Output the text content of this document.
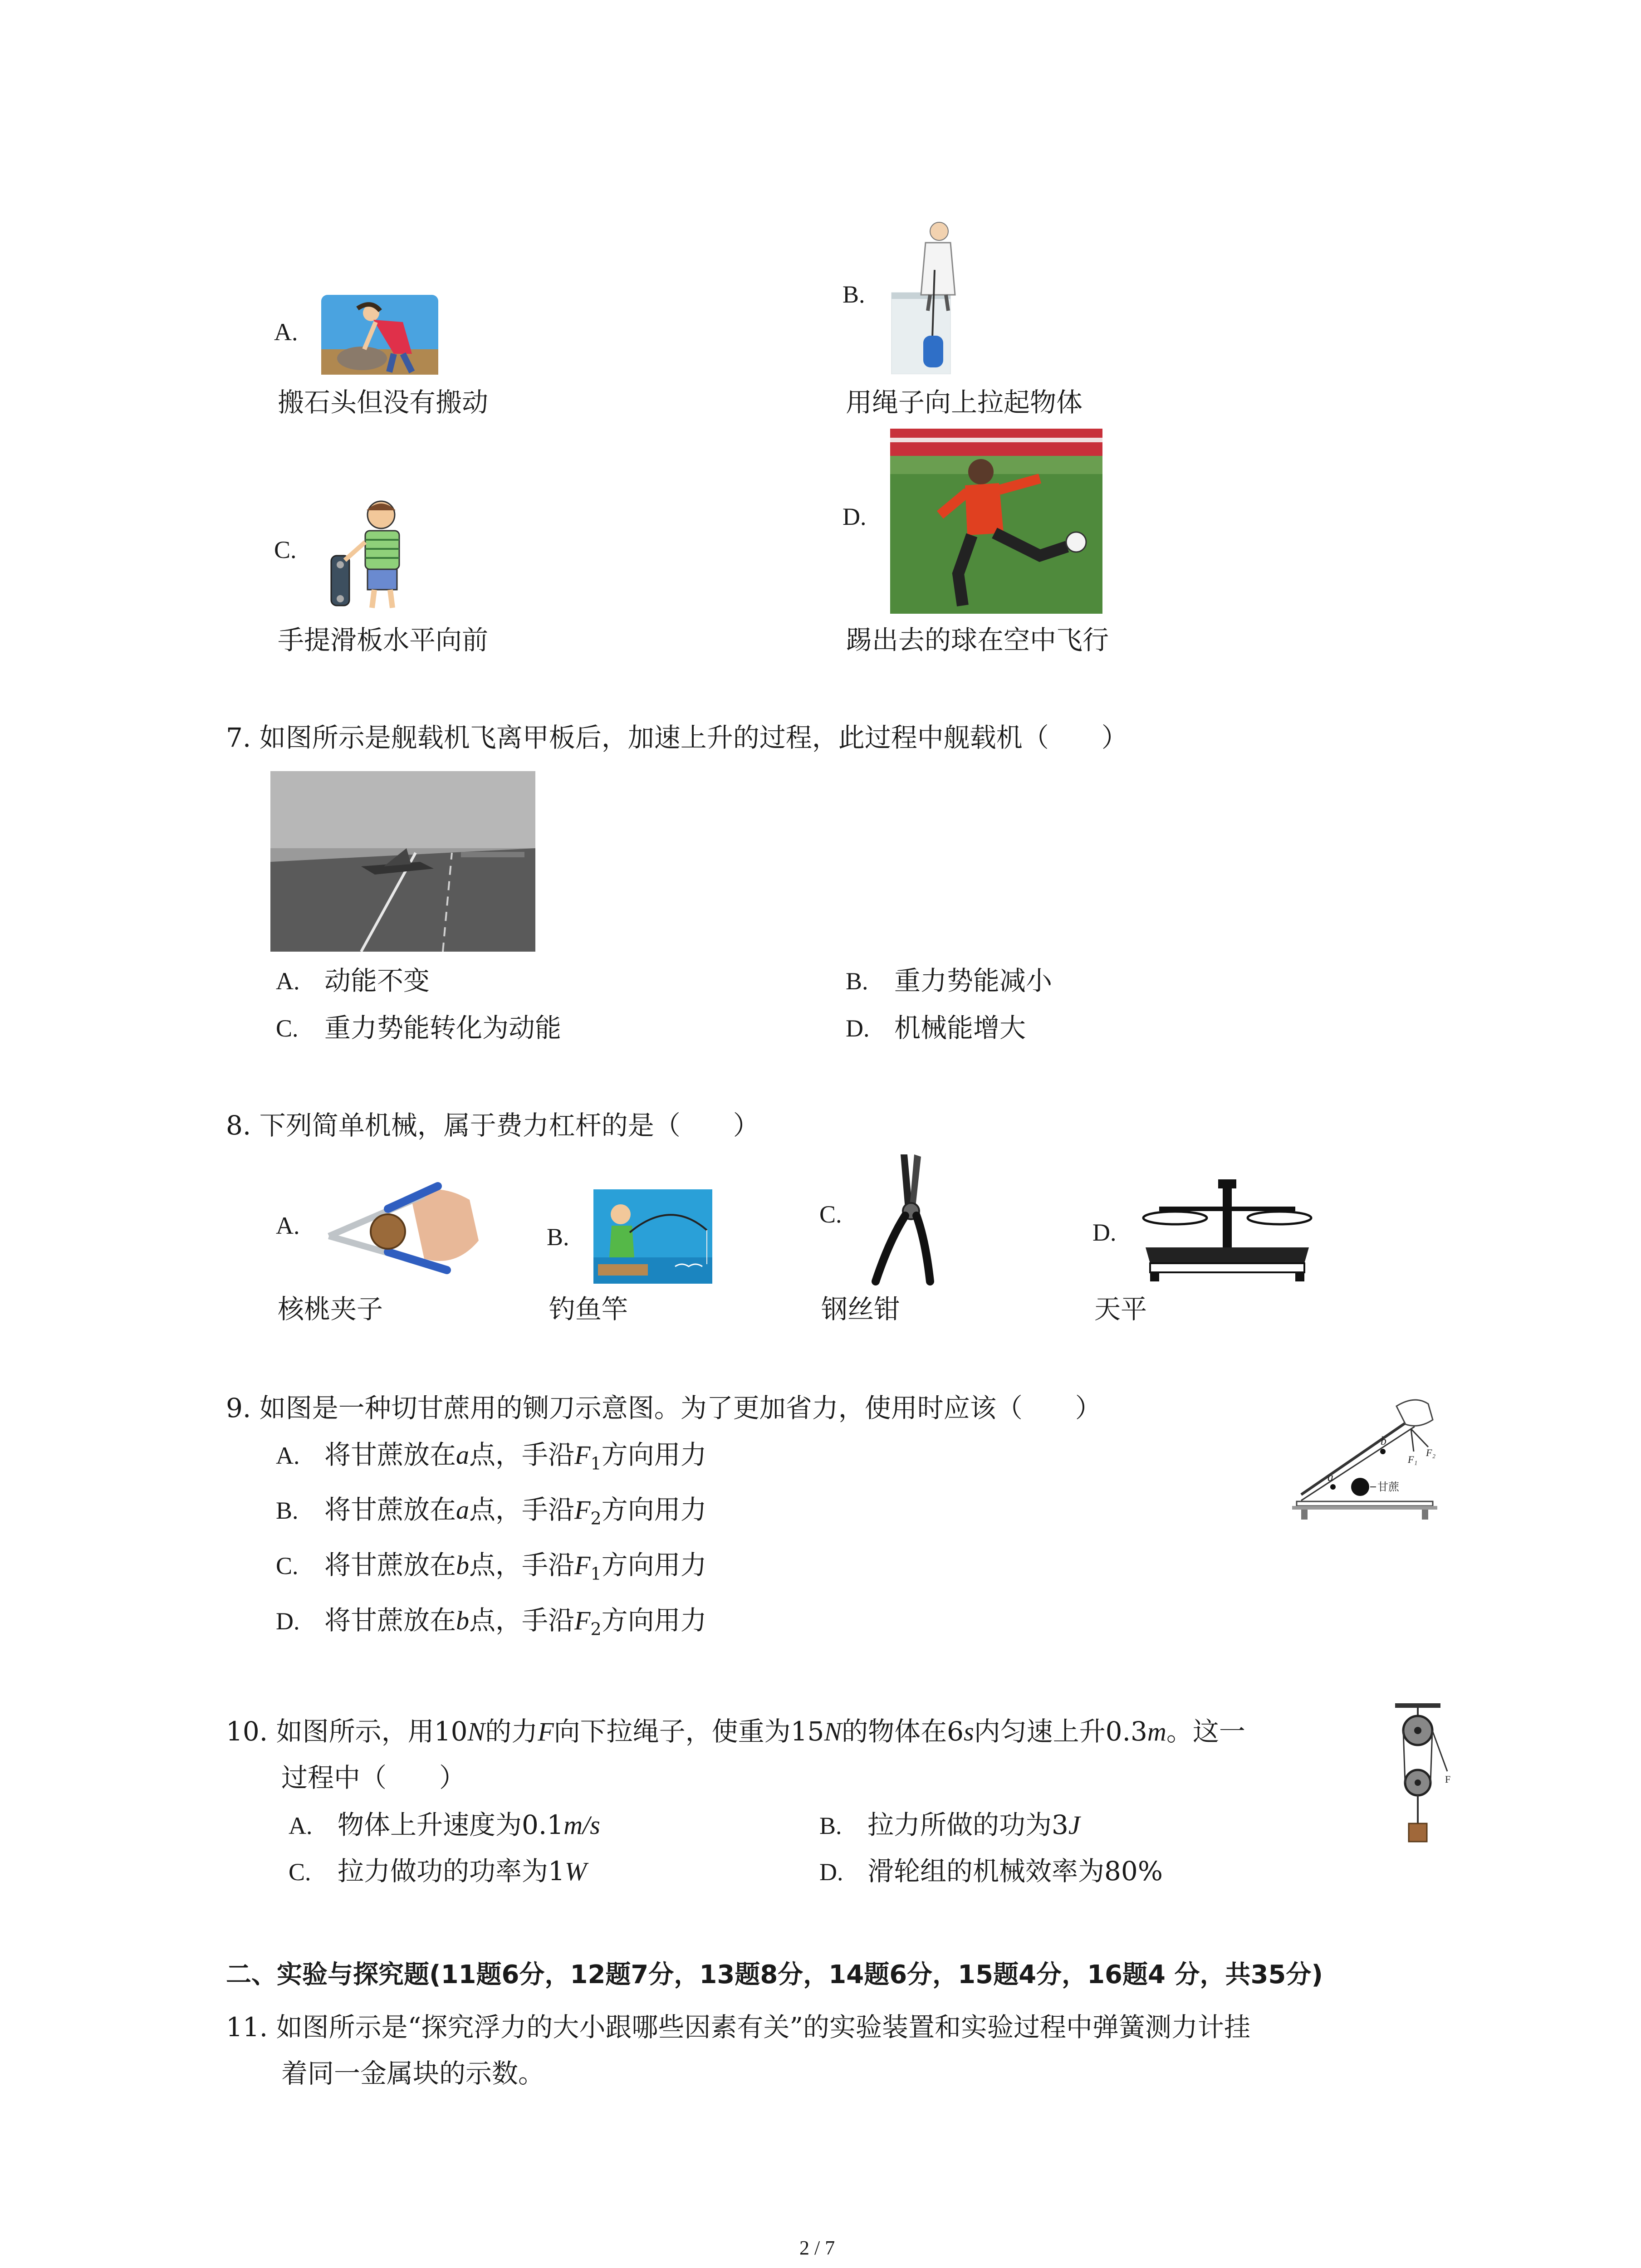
A.
搬石头但没有搬动
B.
用绳子向上拉起物体
C.
手提滑板水平向前
D.
踢出去的球在空中飞行
7. 如图所示是舰载机飞离甲板后，加速上升的过程，此过程中舰载机（　　）
A. 动能不变	B. 重力势能减小
C. 重力势能转化为动能	D. 机械能增大
8. 下列简单机械，属于费力杠杆的是（　　）
A.
核桃夹子
B.
钓鱼竿
C.
钢丝钳
D.
天平
9. 如图是一种切甘蔗用的铡刀示意图。为了更加省力，使用时应该（　　）
A. 将甘蔗放在a点，手沿$F_1$方向用力
B. 将甘蔗放在a点，手沿$F_2$方向用力
C. 将甘蔗放在b点，手沿$F_1$方向用力
D. 将甘蔗放在b点，手沿$F_2$方向用力
a
b
F₁
F₂
甘蔗
10. 如图所示，用10N的力F向下拉绳子，使重为15N的物体在6s内匀速上升0.3m。这一
过程中（　　）
A. 物体上升速度为0.1m/s	B. 拉力所做的功为3J
C. 拉力做功的功率为1W	D. 滑轮组的机械效率为80%
F
二、实验与探究题(11题6分，12题7分，13题8分，14题6分，15题4分，16题4 分，共35分)
11. 如图所示是“探究浮力的大小跟哪些因素有关”的实验装置和实验过程中弹簧测力计挂
着同一金属块的示数。
2 / 7
